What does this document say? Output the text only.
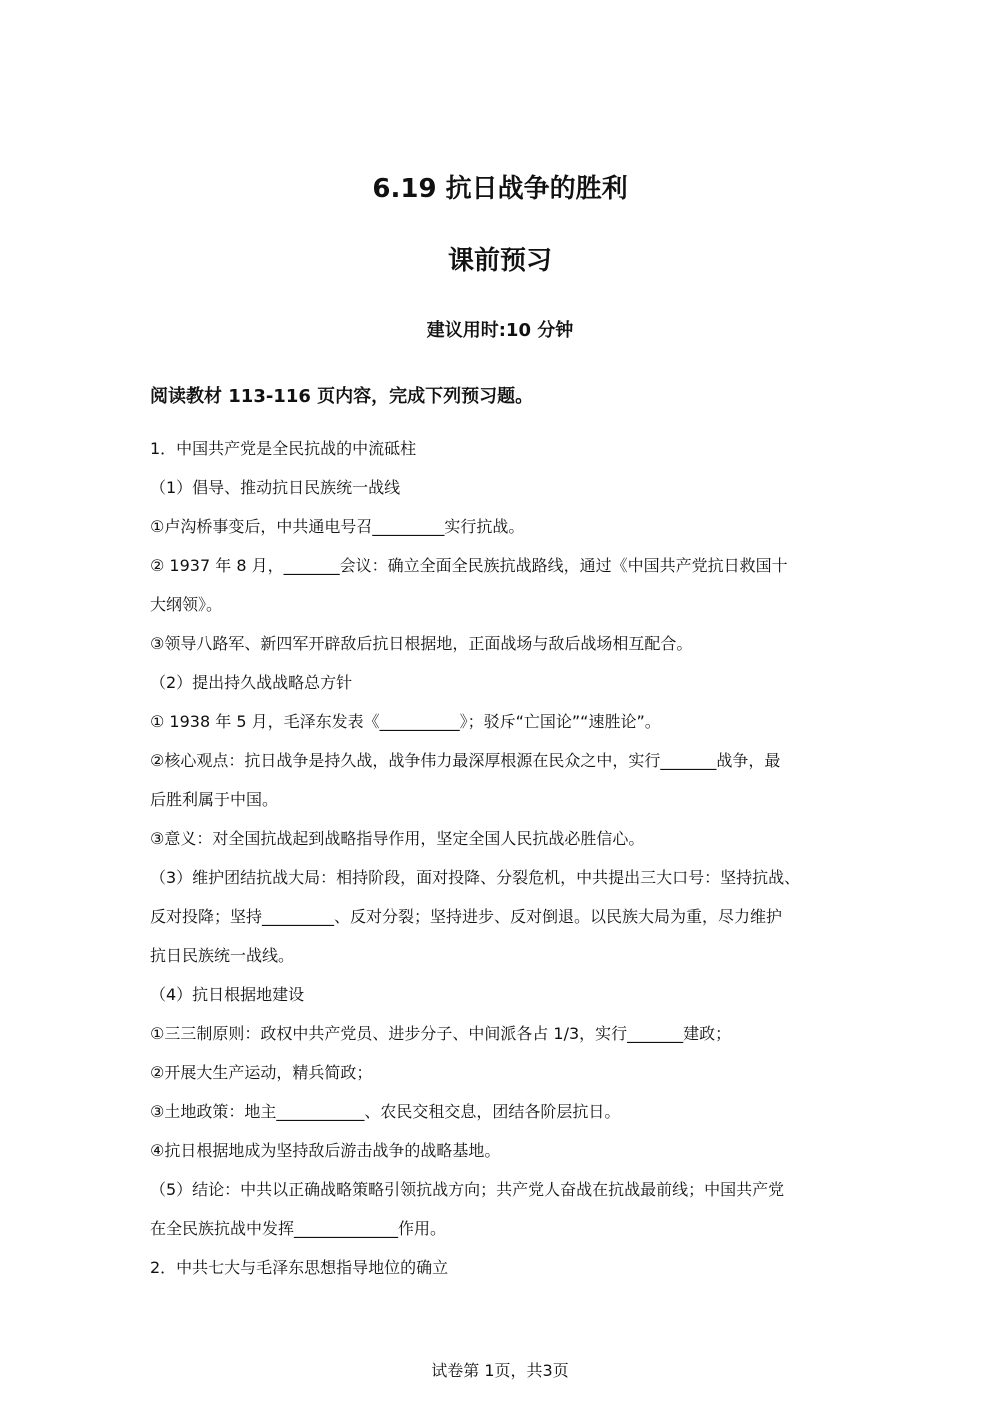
6.19 抗日战争的胜利
课前预习
建议用时:10 分钟
阅读教材 113-116 页内容，完成下列预习题。
1．中国共产党是全民抗战的中流砥柱
（1）倡导、推动抗日民族统一战线
①卢沟桥事变后，中共通电号召_________实行抗战。
② 1937 年 8 月，_______会议：确立全面全民族抗战路线，通过《中国共产党抗日救国十
大纲领》。
③领导八路军、新四军开辟敌后抗日根据地，正面战场与敌后战场相互配合。
（2）提出持久战战略总方针
① 1938 年 5 月，毛泽东发表《__________》；驳斥“亡国论”“速胜论”。
②核心观点：抗日战争是持久战，战争伟力最深厚根源在民众之中，实行_______战争，最
后胜利属于中国。
③意义：对全国抗战起到战略指导作用，坚定全国人民抗战必胜信心。
（3）维护团结抗战大局：相持阶段，面对投降、分裂危机，中共提出三大口号：坚持抗战、
反对投降；坚持_________、反对分裂；坚持进步、反对倒退。以民族大局为重，尽力维护
抗日民族统一战线。
（4）抗日根据地建设
①三三制原则：政权中共产党员、进步分子、中间派各占 1/3，实行_______建政；
②开展大生产运动，精兵简政；
③土地政策：地主___________、农民交租交息，团结各阶层抗日。
④抗日根据地成为坚持敌后游击战争的战略基地。
（5）结论：中共以正确战略策略引领抗战方向；共产党人奋战在抗战最前线；中国共产党
在全民族抗战中发挥_____________作用。
2．中共七大与毛泽东思想指导地位的确立
试卷第 1页，共3页
